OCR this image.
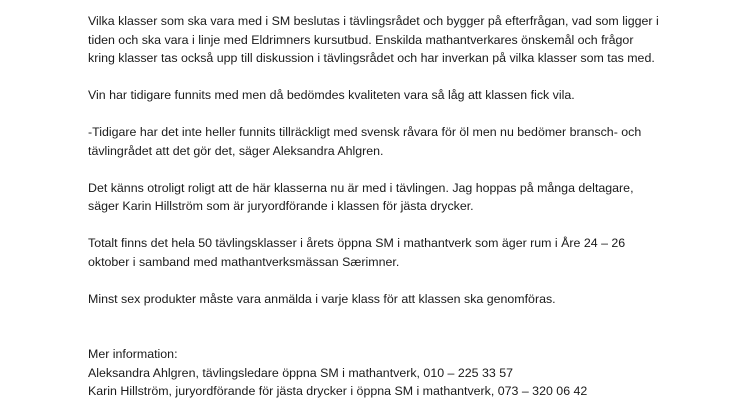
Vilka klasser som ska vara med i SM beslutas i tävlingsrådet och bygger på efterfrågan, vad som ligger i
tiden och ska vara i linje med Eldrimners kursutbud. Enskilda mathantverkares önskemål och frågor
kring klasser tas också upp till diskussion i tävlingsrådet och har inverkan på vilka klasser som tas med.

Vin har tidigare funnits med men då bedömdes kvaliteten vara så låg att klassen fick vila.

-Tidigare har det inte heller funnits tillräckligt med svensk råvara för öl men nu bedömer bransch- och
tävlingrådet att det gör det, säger Aleksandra Ahlgren.

Det känns otroligt roligt att de här klasserna nu är med i tävlingen. Jag hoppas på många deltagare,
säger Karin Hillström som är juryordförande i klassen för jästa drycker.

Totalt finns det hela 50 tävlingsklasser i årets öppna SM i mathantverk som äger rum i Åre 24 – 26
oktober i samband med mathantverksmässan Særimner.

Minst sex produkter måste vara anmälda i varje klass för att klassen ska genomföras.

Mer information:
Aleksandra Ahlgren, tävlingsledare öppna SM i mathantverk, 010 – 225 33 57
Karin Hillström, juryordförande för jästa drycker i öppna SM i mathantverk, 073 – 320 06 42
